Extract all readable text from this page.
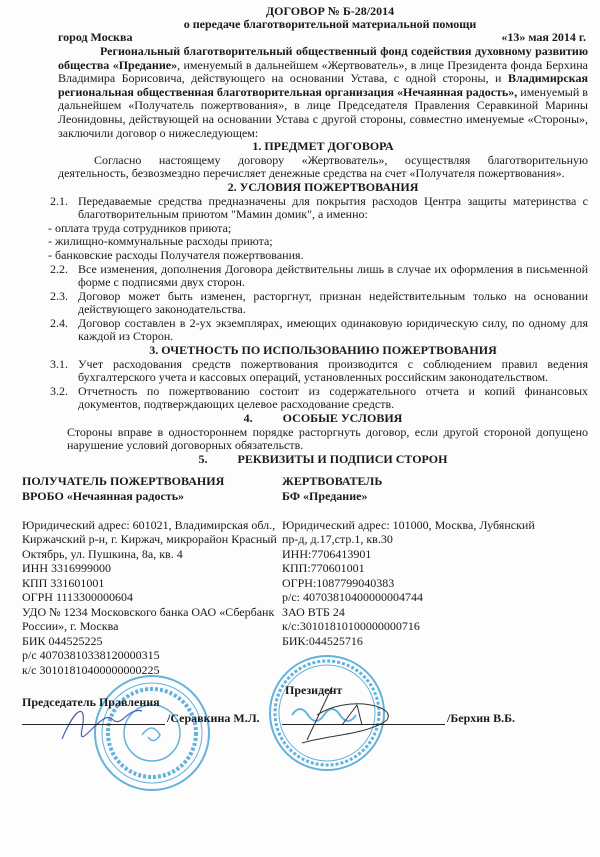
ДОГОВОР № Б-28/2014
о передаче благотворительной материальной помощи
город Москва	«13» мая 2014 г.

Региональный благотворительный общественный фонд содействия духовному развитию общества «Предание», именуемый в дальнейшем «Жертвователь», в лице Президента фонда Берхина Владимира Борисовича, действующего на основании Устава, с одной стороны, и Владимирская региональная общественная благотворительная организация «Нечаянная радость», именуемый в дальнейшем «Получатель пожертвования», в лице Председателя Правления Серавкиной Марины Леонидовны, действующей на основании Устава с другой стороны, совместно именуемые «Стороны», заключили договор о нижеследующем:

1. ПРЕДМЕТ ДОГОВОРА

Согласно настоящему договору «Жертвователь», осуществляя благотворительную деятельность, безвозмездно перечисляет денежные средства на счет «Получателя пожертвования».

2. УСЛОВИЯ ПОЖЕРТВОВАНИЯ

2.1. Передаваемые средства предназначены для покрытия расходов Центра защиты материнства с благотворительным приютом "Мамин домик", а именно:

- оплата труда сотрудников приюта;

- жилищно-коммунальные расходы приюта;

- банковские расходы Получателя пожертвования.

2.2. Все изменения, дополнения Договора действительны лишь в случае их оформления в письменной форме с подписями двух сторон.
2.3. Договор может быть изменен, расторгнут, признан недействительным только на основании действующего законодательства.
2.4. Договор составлен в 2-ух экземплярах, имеющих одинаковую юридическую силу, по одному для каждой из Сторон.

3. ОЧЕТНОСТЬ ПО ИСПОЛЬЗОВАНИЮ ПОЖЕРТВОВАНИЯ

3.1. Учет расходования средств пожертвования производится с соблюдением правил ведения бухгалтерского учета и кассовых операций, установленных российским законодательством.
3.2. Отчетность по пожертвованию состоит из содержательного отчета и копий финансовых документов, подтверждающих целевое расходование средств.

4.          ОСОБЫЕ УСЛОВИЯ

Стороны вправе в одностороннем порядке расторгнуть договор, если другой стороной допущено нарушение условий договорных обязательств.

5.          РЕКВИЗИТЫ И ПОДПИСИ СТОРОН

ПОЛУЧАТЕЛЬ ПОЖЕРТВОВАНИЯ
ВРОБО «Нечаянная радость»

Юридический адрес: 601021, Владимирская обл.,
Киржачский р-н, г. Киржач, микрорайон Красный
Октябрь, ул. Пушкина, 8а, кв. 4
ИНН 3316999000
КПП 331601001
ОГРН 1113300000604
УДО № 1234 Московского банка ОАО «Сбербанк
России», г. Москва
БИК 044525225
р/с 40703810338120000315
к/с 30101810400000000225
ЖЕРТВОВАТЕЛЬ
БФ «Предание»

Юридический адрес: 101000, Москва, Лубянский
пр-д, д.17,стр.1, кв.30
ИНН:7706413901
КПП:770601001
ОГРН:1087799040383
р/с: 40703810400000004744
ЗАО ВТБ 24
к/с:30101810100000000716
БИК:044525716
Президент
Председатель Правления
/Серавкина М.Л.	/Берхин В.Б.
